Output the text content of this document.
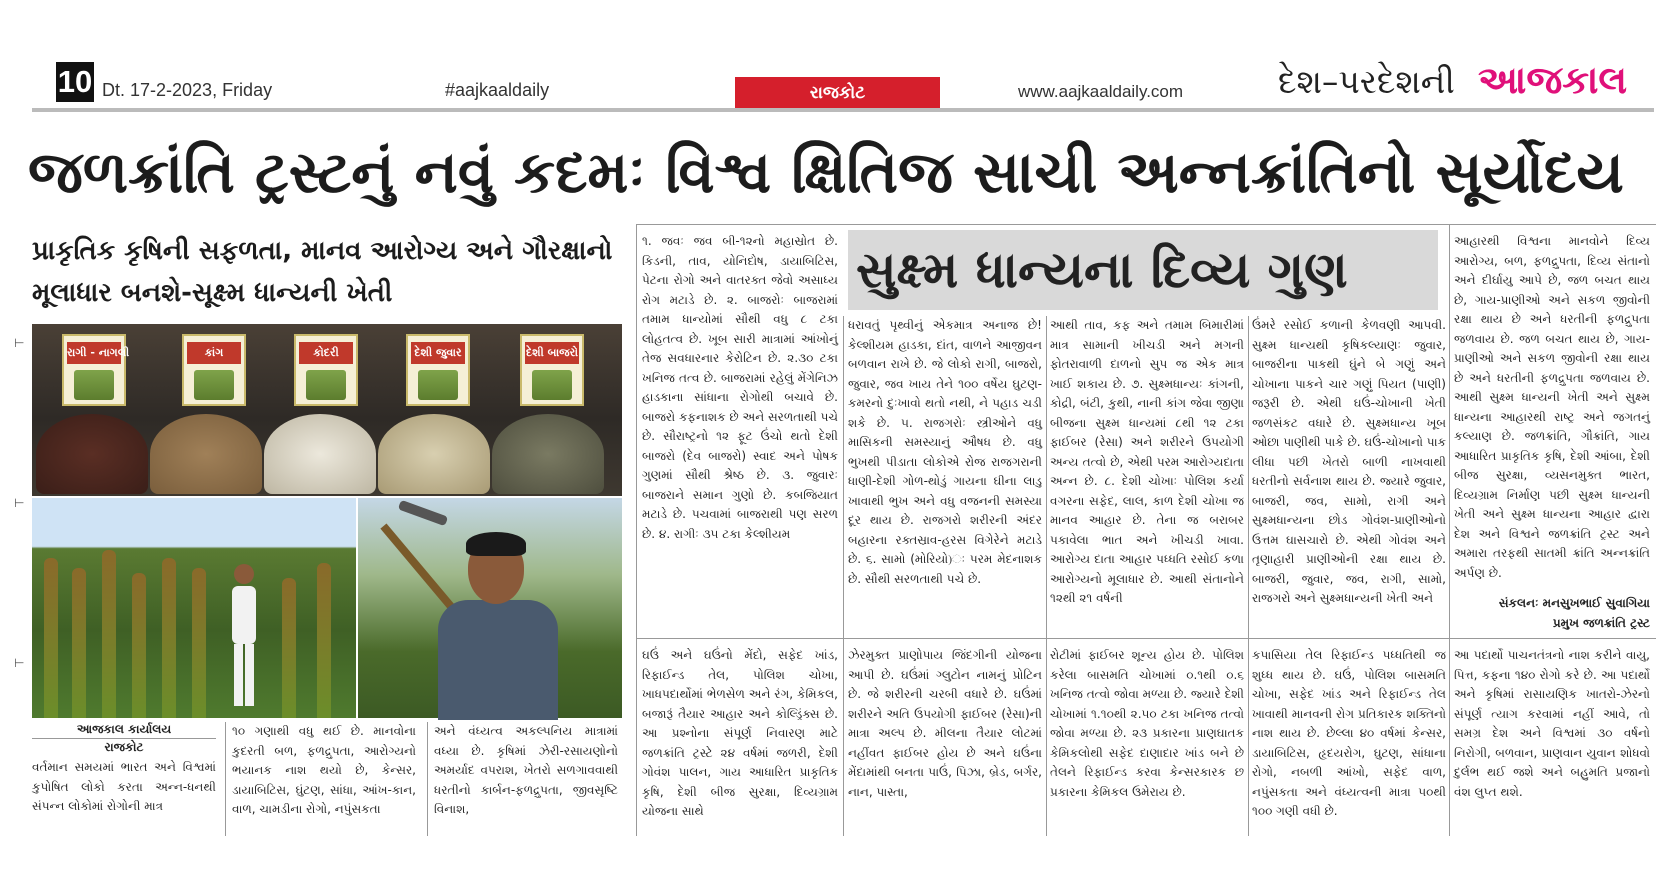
10 Dt. 17-2-2023, Friday	#aajkaaldaily	રાજકોટ	www.aajkaaldaily.com	દેશ–પરદેશની આજકાલ
જળક્રાંતિ ટ્રસ્ટનું નવું કદમઃ વિશ્વ ક્ષિતિજ સાચી અન્નક્રાંતિનો સૂર્યોદય
પ્રાકૃતિક કૃષિની સફળતા, માનવ આરોગ્ય અને ગૌરક્ષાનો મૂલાધાર બનશે-સૂક્ષ્મ ધાન્યની ખેતી	સુક્ષ્મ ધાન્યના દિવ્ય ગુણ
રાગી - નાગલી	કાંગ	કોદરી	દેશી જુવાર	દેશી બાજરો
આજકાલ કાર્યાલય
રાજકોટ
વર્તમાન સમયમાં ભારત અને વિશ્વમાં કુપોષિત લોકો કરતા અન્ન-ધનથી સંપન્ન લોકોમાં રોગોની માત્ર
૧૦ ગણાથી વધુ થઈ છે. માનવોના કુદરતી બળ, ફળદ્રુપતા, આરોગ્યનો ભયાનક નાશ થયો છે, કેન્સર, ડાયાબિટિસ, ઘુંટણ, સાંધા, આંખ-કાન, વાળ, ચામડીના રોગો, નપુંસકતા
અને વંધ્યત્વ અકલ્પનિય માત્રામાં વધ્યા છે. કૃષિમાં ઝેરી-રસાયણોનો અમર્યાદ વપરાશ, ખેતરો સળગાવવાથી ધરતીનો કાર્બન-ફળદ્રુપતા, જીવસૃષ્ટિ વિનાશ,
૧. જવઃ જવ બી-૧૨નો મહાસ્રોત છે. કિડની, તાવ, યોનિદોષ, ડાયાબિટિસ, પેટના રોગો અને વાતરક્ત જેવો અસાધ્ય રોગ મટાડે છે. ૨. બાજરોઃ બાજરામાં તમામ ધાન્યોમાં સૌથી વધુ ૮ ટકા લોહતત્વ છે. ખૂબ સારી માત્રામાં આંખોનું તેજ સવધારનાર કેરોટિન છે. ૨.૩૦ ટકા ખનિજ તત્વ છે. બાજરામાં રહેલું મેંગેનિઝ હાડકાના સાંધાના રોગોથી બચાવે છે. બાજરો કફનાશક છે અને સરળતાથી પચે છે. સૌરાષ્ટ્રનો ૧૨ ફૂટ ઉંચો થતો દેશી બાજરો (દેવ બાજરો) સ્વાદ અને પોષક ગુણમાં સૌથી શ્રેષ્ઠ છે. ૩. જુવારઃ બાજરાને સમાન ગુણો છે. કબજિયાત મટાડે છે. પચવામાં બાજરાથી પણ સરળ છે. ૪. રાગીઃ ૩૫ ટકા કેલ્શીયમ
ધરાવતું પૃથ્વીનું એકમાત્ર અનાજ છે! કેલ્શીયમ હાડકા, દાંત, વાળને આજીવન બળવાન રાખે છે. જે લોકો રાગી, બાજરો, જુવાર, જવ ખાય તેને ૧૦૦ વર્ષેય ઘુટણ-કમરનો દુઃખાવો થતો નથી, ને પહાડ ચડી શકે છે. ૫. રાજગરોઃ સ્ત્રીઓને વધુ માસિકની સમસ્યાનું ઔષધ છે. વધુ ભુખથી પીડાતા લોકોએ રોજ રાજગરાની ધાણી-દેશી ગોળ-થોડું ગાયના ઘીના લાડુ ખાવાથી ભુખ અને વધુ વજનની સમસ્યા દૂર થાય છે. રાજગરો શરીરની અંદર બહારના રક્તસ્રાવ-હરસ વિગેરેને મટાડે છે. ૬. સામો (મોરિયો)ઃ પરમ મેદનાશક છે. સૌથી સરળતાથી પચે છે.
આથી તાવ, કફ અને તમામ બિમારીમાં માત્ર સામાની ખીચડી અને મગની ફોતરાવાળી દાળનો સુપ જ એક માત્ર ખાઈ શકાય છે. ૭. સુક્ષ્મધાન્યઃ કાંગની, કોદ્રી, બંટી, કુથી, નાની કાંગ જેવા જીણા બીજના સુક્ષ્મ ધાન્યમાં ૮થી ૧૨ ટકા ફાઈબર (રેસા) અને શરીરને ઉપયોગી અન્ય તત્વો છે, એથી પરમ આરોગ્યદાતા અન્ન છે. ૮. દેશી ચોખાઃ પોલિશ કર્યા વગરના સફેદ, લાલ, કાળ દેશી ચોખા જ માનવ આહાર છે. તેના જ બરાબર પકાવેલા ભાત અને ખીચડી ખાવા. આરોગ્ય દાતા આહાર પધ્ધતિ રસોઈ કળા આરોગ્યનો મૂલાધાર છે. આથી સંતાનોને ૧૨થી ૨૧ વર્ષની
ઉંમરે રસોઈ કળાની કેળવણી આપવી. સુક્ષ્મ ધાન્યથી કૃષિકલ્યાણઃ જુવાર, બાજરીના પાકથી ઘુંને બે ગણું અને ચોખાના પાકને ચાર ગણું પિયત (પાણી) જરૂરી છે. એથી ઘઉં-ચોખાની ખેતી જળસંકટ વધારે છે. સુક્ષ્મધાન્ય ખૂબ ઓછા પાણીથી પાકે છે. ઘઉં-ચોખાનો પાક લીધા પછી ખેતરો બાળી નાખવાથી ધરતીનો સર્વનાશ થાય છે. જ્યારે જુવાર, બાજરી, જવ, સામો, રાગી અને સુક્ષ્મધાન્યના છોડ ગોવંશ-પ્રાણીઓનો ઉત્તમ ઘાસચારો છે. એથી ગોવંશ અને તૃણાહારી પ્રાણીઓની રક્ષા થાય છે. બાજરી, જુવાર, જવ, રાગી, સામો, રાજગરો અને સુક્ષ્મધાન્યની ખેતી અને
આહારથી વિશ્વના માનવોને દિવ્ય આરોગ્ય, બળ, ફળદ્રુપતા, દિવ્ય સંતાનો અને દીર્ઘાયુ આપે છે, જળ બચત થાય છે, ગાય-પ્રાણીઓ અને સકળ જીવોની રક્ષા થાય છે અને ધરતીની ફળદ્રુપતા જળવાય છે. જળ બચત થાય છે, ગાય-પ્રાણીઓ અને સકળ જીવોની રક્ષા થાય છે અને ધરતીની ફળદ્રુપતા જળવાય છે. આથી સુક્ષ્મ ધાન્યની ખેતી અને સુક્ષ્મ ધાન્યના આહારથી રાષ્ટ્ર અને જગતનું કલ્યાણ છે. જળક્રાંતિ, ગૌક્રાંતિ, ગાય આધારિત પ્રાકૃતિક કૃષિ, દેશી આંબા, દેશી બીજ સુરક્ષા, વ્યસનમુક્ત ભારત, દિવ્યગ્રામ નિર્માણ પછી સુક્ષ્મ ધાન્યની ખેતી અને સુક્ષ્મ ધાન્યના આહાર દ્વારા દેશ અને વિશ્વને જળક્રાંતિ ટ્રસ્ટ અને અમારા તરફથી સાતમી ક્રાંતિ અન્નક્રાંતિ અર્પણ છે.
સંકલનઃ મનસુખભાઈ સુવાગિયા
પ્રમુખ જળક્રાંતિ ટ્રસ્ટ
ઘઉં અને ઘઉંનો મેંદો, સફેદ ખાંડ, રિફાઈન્ડ તેલ, પોલિશ ચોખા, ખાધપદાર્થોમાં ભેળસેળ અને રંગ, કેમિકલ, બજારૂં તૈયાર આહાર અને કોલ્ડ્રિંક્સ છે. આ પ્રશ્નોના સંપૂર્ણ નિવારણ માટે જળક્રાંતિ ટ્રસ્ટે ૨૪ વર્ષમાં જળરી, દેશી ગોવંશ પાલન, ગાય આધારિત પ્રાકૃતિક કૃષિ, દેશી બીજ સુરક્ષા, દિવ્યગ્રામ યોજના સાથે
ઝેરમુક્ત પ્રાણોપાય જિંદગીની યોજના આપી છે. ઘઉંમાં ગ્લુટોન નામનું પ્રોટિન છે. જે શરીરની ચરબી વધારે છે. ઘઉંમાં શરીરને અતિ ઉપયોગી ફાઈબર (રેસા)ની માત્રા અલ્પ છે. મીલના તૈયાર લોટમાં નહીંવત ફાઈબર હોય છે અને ઘઉંના મેંદામાંથી બનતા પાઉં, પિઝા, બ્રેડ, બર્ગર, નાન, પાસ્તા,
રોટીમાં ફાઈબર શૂન્ય હોય છે. પોલિશ કરેલા બાસમતિ ચોખામાં ૦.૧થી ૦.૬ ખનિજ તત્વો જોવા મળ્યા છે. જ્યારે દેશી ચોખામાં ૧.૧૦થી ૨.૫૦ ટકા ખનિજ તત્વો જોવા મળ્યા છે. ૨૩ પ્રકારના પ્રાણઘાતક કેમિકલોથી સફેદ દાણાદાર ખાંડ બને છે તેલને રિફાઈન્ડ કરવા કેન્સરકારક છ પ્રકારના કેમિકલ ઉમેરાય છે.
કપાસિયા તેલ રિફાઈન્ડ પધ્ધતિથી જ શુધ્ધ થાય છે. ઘઉં, પોલિશ બાસમતિ ચોખા, સફેદ ખાંડ અને રિફાઈન્ડ તેલ ખાવાથી માનવની રોગ પ્રતિકારક શક્તિનો નાશ થાય છે. છેલ્લા ૪૦ વર્ષમાં કેન્સર, ડાયાબિટિસ, હૃદયરોગ, ઘુટણ, સાંધાના રોગો, નબળી આંખો, સફેદ વાળ, નપુંસકતા અને વંધ્યત્વની માત્રા ૫૦થી ૧૦૦ ગણી વધી છે.
આ પદાર્થો પાચનતંત્રનો નાશ કરીને વાયુ, પિત્ત, કફના ૧૪૦ રોગો કરે છે. આ પદાર્થો અને કૃષિમાં રાસાયણિક ખાતરો-ઝેરનો સંપૂર્ણ ત્યાગ કરવામાં નહીં આવે, તો સમગ્ર દેશ અને વિશ્વમાં ૩૦ વર્ષનો નિરોગી, બળવાન, પ્રાણવાન યુવાન શોધવો દુર્લભ થઈ જશે અને બહુમતિ પ્રજાનો વંશ લુપ્ત થશે.
⊢
⊢
⊢
